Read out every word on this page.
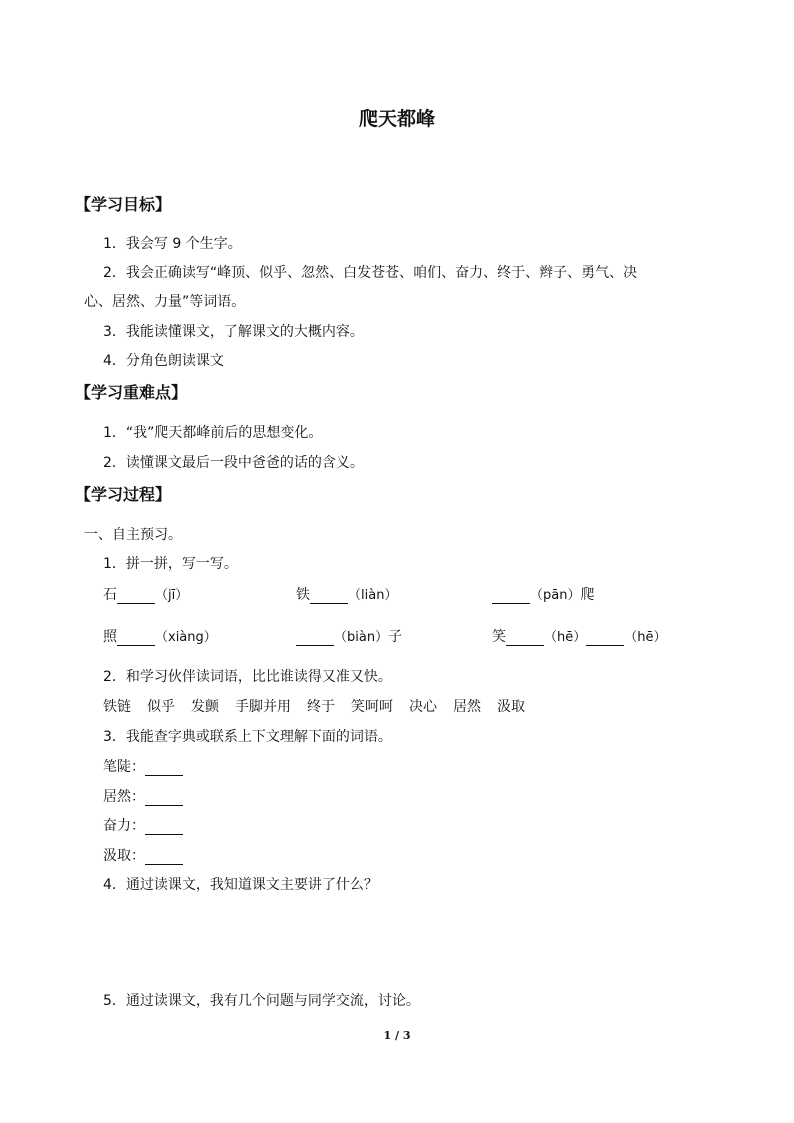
爬天都峰
【学习目标】
1．我会写 9 个生字。
2．我会正确读写“峰顶、似乎、忽然、白发苍苍、咱们、奋力、终于、辫子、勇气、决
心、居然、力量”等词语。
3．我能读懂课文，了解课文的大概内容。
4．分角色朗读课文
【学习重难点】
1．“我”爬天都峰前后的思想变化。
2．读懂课文最后一段中爸爸的话的含义。
【学习过程】
一、自主预习。
1．拼一拼，写一写。
石	（jī）	铁	（liàn）	（pān）爬
照	（xiàng）	（biàn）子	笑	（hē）	（hē）
2．和学习伙伴读词语，比比谁读得又准又快。
铁链 似乎 发颤 手脚并用 终于 笑呵呵 决心 居然 汲取
3．我能查字典或联系上下文理解下面的词语。
笔陡：
居然：
奋力：
汲取：
4．通过读课文，我知道课文主要讲了什么？
5．通过读课文，我有几个问题与同学交流，讨论。
1 / 3
